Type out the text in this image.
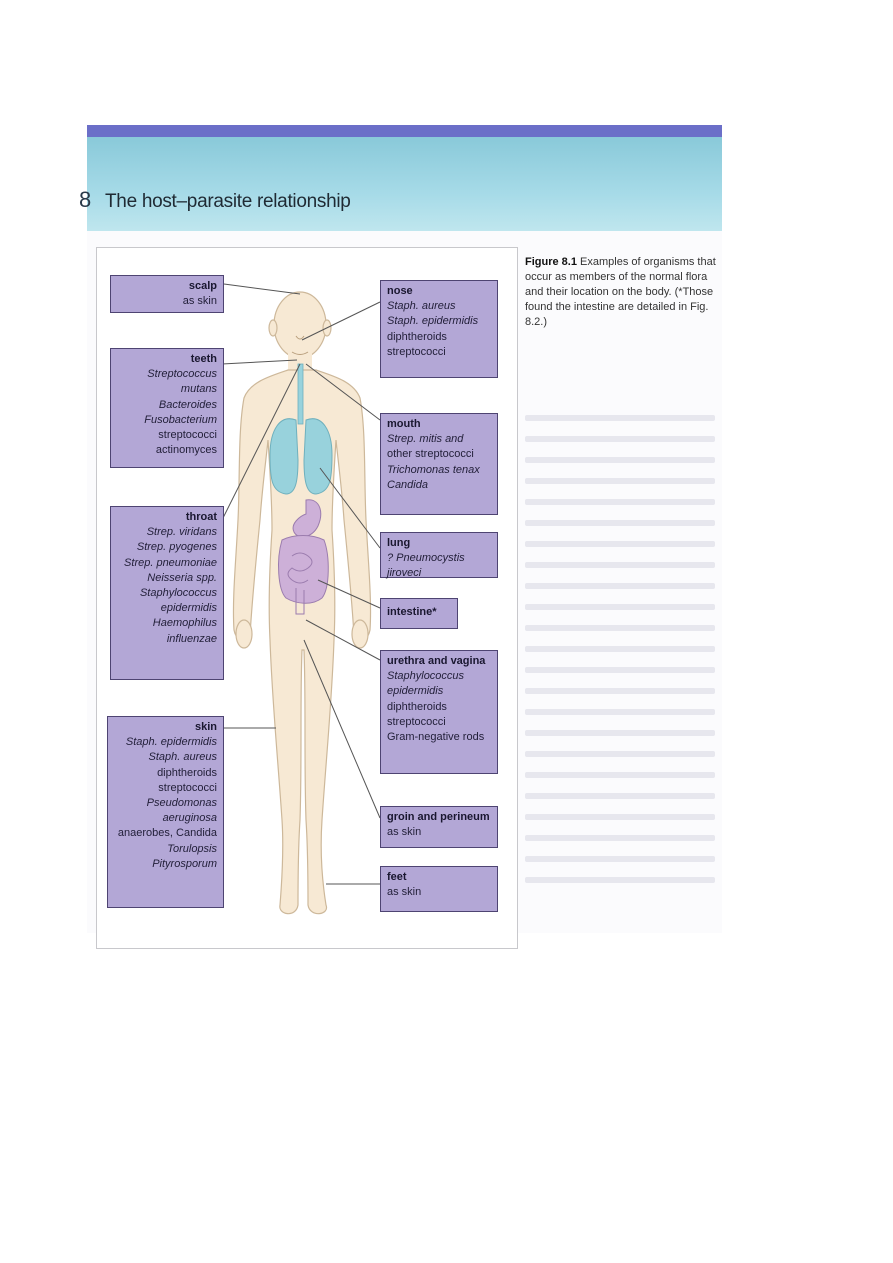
8 The host–parasite relationship
Figure 8.1 Examples of organisms that occur as members of the normal flora and their location on the body. (*Those found the intestine are detailed in Fig. 8.2.)
scalp
as skin
teeth
Streptococcus mutans
Bacteroides
Fusobacterium
streptococci
actinomyces
throat
Strep. viridans
Strep. pyogenes
Strep. pneumoniae
Neisseria spp.
Staphylococcus
epidermidis
Haemophilus
influenzae
skin
Staph. epidermidis
Staph. aureus
diphtheroids
streptococci
Pseudomonas
aeruginosa
anaerobes, Candida
Torulopsis
Pityrosporum
nose
Staph. aureus
Staph. epidermidis
diphtheroids
streptococci
mouth
Strep. mitis and
other streptococci
Trichomonas tenax
Candida
lung
? Pneumocystis jiroveci
intestine*
urethra and vagina
Staphylococcus
epidermidis
diphtheroids
streptococci
Gram-negative rods
groin and perineum
as skin
feet
as skin
